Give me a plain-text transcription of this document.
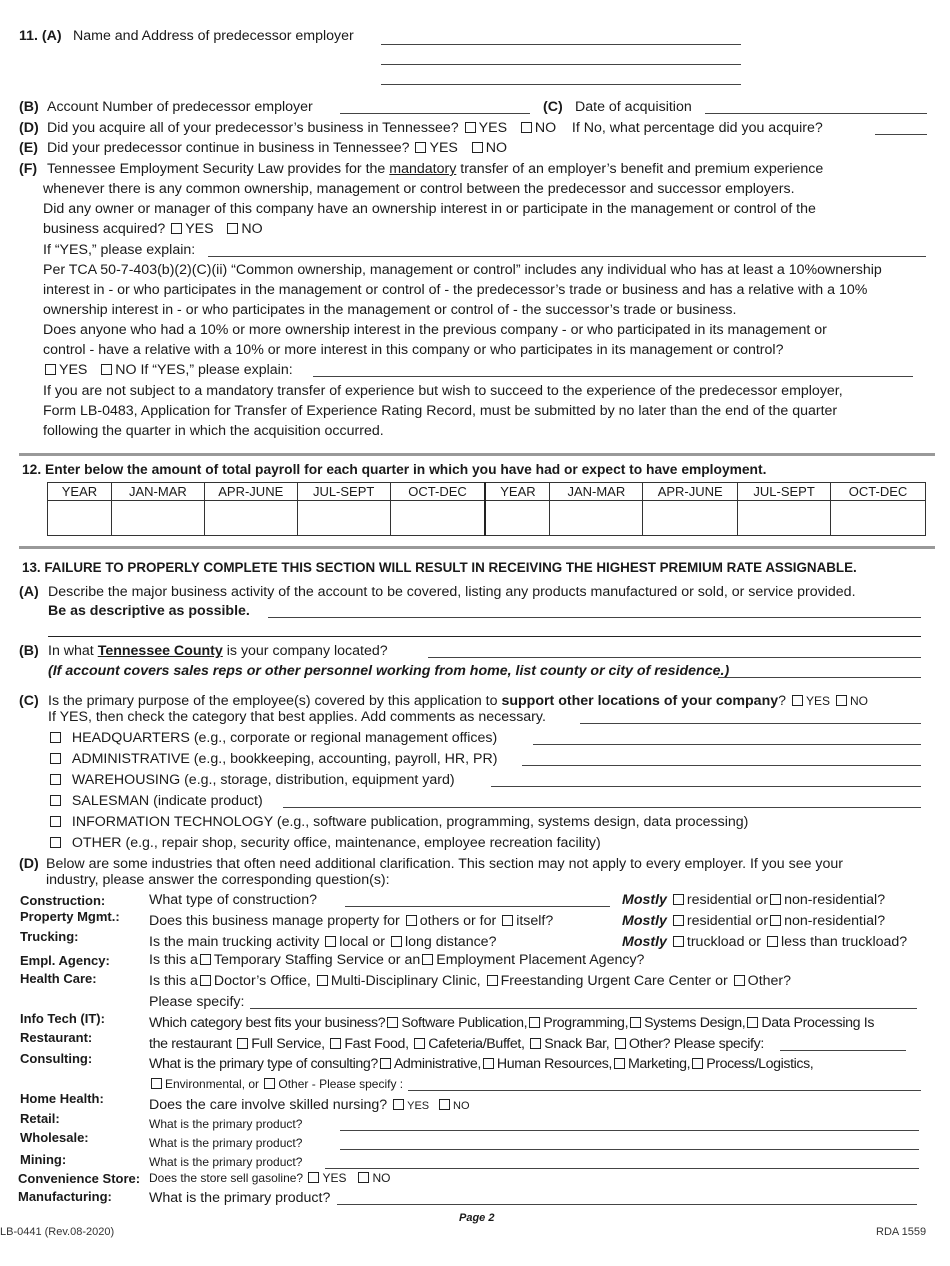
11. (A) Name and Address of predecessor employer
(B) Account Number of predecessor employer	(C) Date of acquisition
(D) Did you acquire all of your predecessor’s business in Tennessee? YES NO If No, what percentage did you acquire?
(E) Did your predecessor continue in business in Tennessee? YES NO
(F) Tennessee Employment Security Law provides for the mandatory transfer of an employer’s benefit and premium experience
whenever there is any common ownership, management or control between the predecessor and successor employers.
Did any owner or manager of this company have an ownership interest in or participate in the management or control of the
business acquired? YES NO
If “YES,” please explain:
Per TCA 50-7-403(b)(2)(C)(ii) “Common ownership, management or control” includes any individual who has at least a 10%ownership
interest in - or who participates in the management or control of - the predecessor’s trade or business and has a relative with a 10%
ownership interest in - or who participates in the management or control of - the successor’s trade or business.
Does anyone who had a 10% or more ownership interest in the previous company - or who participated in its management or
control - have a relative with a 10% or more interest in this company or who participates in its management or control?
YES NO If “YES,” please explain:
If you are not subject to a mandatory transfer of experience but wish to succeed to the experience of the predecessor employer,
Form LB-0483, Application for Transfer of Experience Rating Record, must be submitted by no later than the end of the quarter
following the quarter in which the acquisition occurred.
12. Enter below the amount of total payroll for each quarter in which you have had or expect to have employment.
YEAR	JAN-MAR	APR-JUNE	JUL-SEPT	OCT-DEC	YEAR	JAN-MAR	APR-JUNE	JUL-SEPT	OCT-DEC

13. FAILURE TO PROPERLY COMPLETE THIS SECTION WILL RESULT IN RECEIVING THE HIGHEST PREMIUM RATE ASSIGNABLE.
(A) Describe the major business activity of the account to be covered, listing any products manufactured or sold, or service provided.
Be as descriptive as possible.
(B) In what Tennessee County is your company located?
(If account covers sales reps or other personnel working from home, list county or city of residence.)
(C) Is the primary purpose of the employee(s) covered by this application to support other locations of your company? YES NO
If YES, then check the category that best applies. Add comments as necessary.
HEADQUARTERS (e.g., corporate or regional management offices)
ADMINISTRATIVE (e.g., bookkeeping, accounting, payroll, HR, PR)
WAREHOUSING (e.g., storage, distribution, equipment yard)
SALESMAN (indicate product)
INFORMATION TECHNOLOGY (e.g., software publication, programming, systems design, data processing)
OTHER (e.g., repair shop, security office, maintenance, employee recreation facility)
(D) Below are some industries that often need additional clarification. This section may not apply to every employer. If you see your
industry, please answer the corresponding question(s):
Construction:	What type of construction?	Mostly residential or non-residential?
Property Mgmt.: Does this business manage property for others or for itself?	Mostly residential or non-residential?
Trucking:	Is the main trucking activity local or long distance?	Mostly truckload or less than truckload?
Empl. Agency:	Is this a Temporary Staffing Service or an Employment Placement Agency?
Health Care:	Is this a Doctor’s Office, Multi-Disciplinary Clinic, Freestanding Urgent Care Center or Other?
Please specify:
Info Tech (IT):	Which category best fits your business? Software Publication, Programming, Systems Design, Data Processing Is
Restaurant:	the restaurant Full Service, Fast Food, Cafeteria/Buffet, Snack Bar, Other? Please specify:
Consulting:	What is the primary type of consulting? Administrative, Human Resources, Marketing, Process/Logistics,
Environmental, or Other - Please specify :
Home Health:	Does the care involve skilled nursing? YES NO
Retail:	What is the primary product?
Wholesale:	What is the primary product?
Mining:	What is the primary product?
Convenience Store: Does the store sell gasoline? YES NO
Manufacturing:	What is the primary product?
Page 2
LB-0441 (Rev.08-2020)	RDA 1559
